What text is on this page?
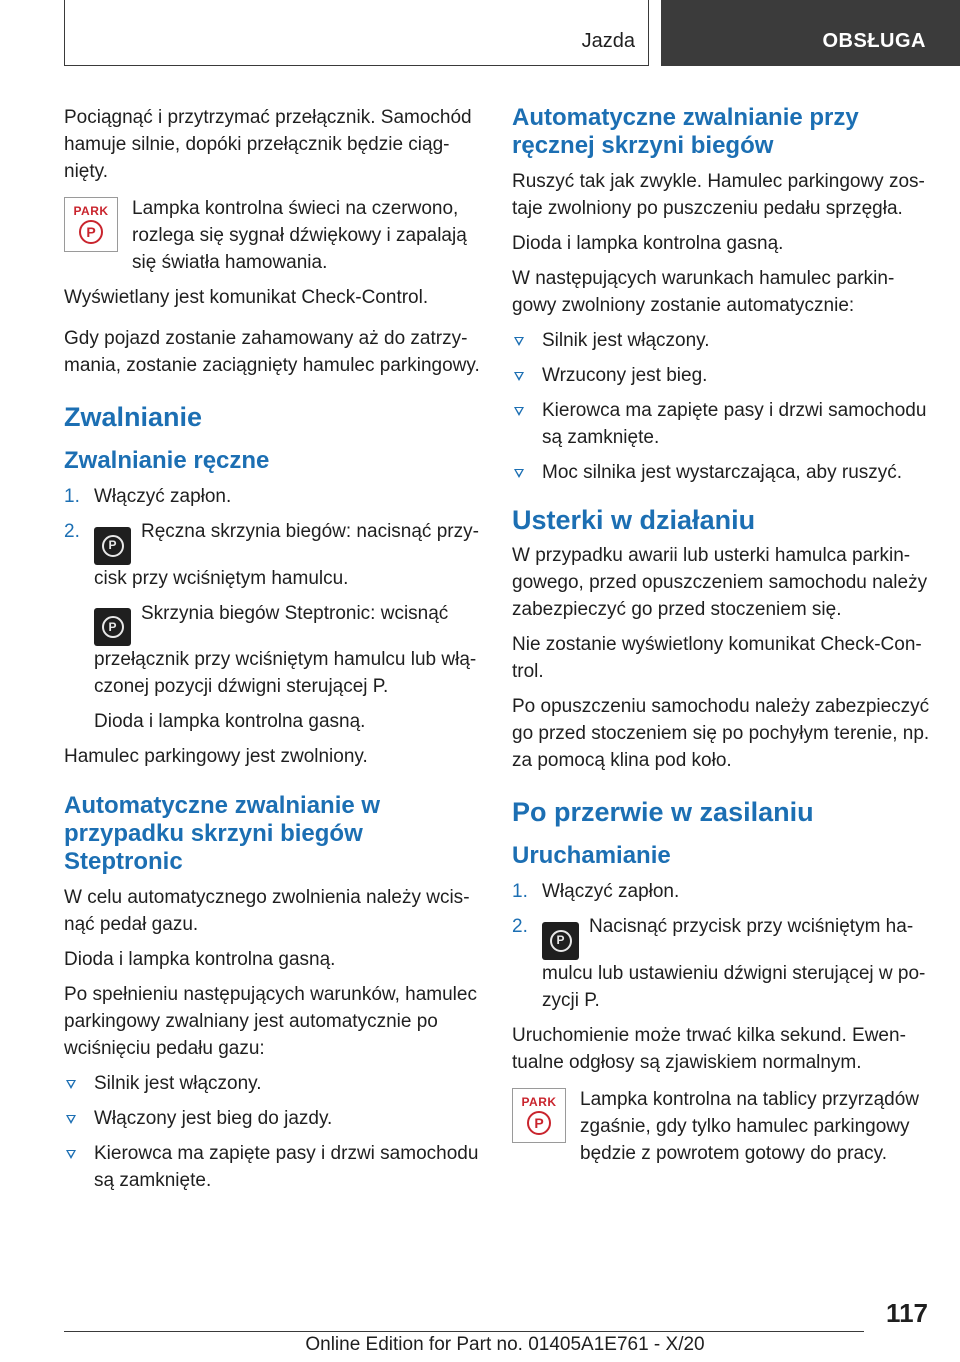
Jazda	OBSŁUGA

Pociągnąć i przytrzymać przełącznik. Samochód hamuje silnie, dopóki przełącznik będzie ciągnięty.

PARK
P
Lampka kontrolna świeci na czerwono, rozlega się sygnał dźwiękowy i zapalają się światła hamowania.

Wyświetlany jest komunikat Check-Control.

Gdy pojazd zostanie zahamowany aż do zatrzymania, zostanie zaciągnięty hamulec parkingowy.

Zwalnianie
Zwalnianie ręczne
1. Włączyć zapłon.
2.
P
Ręczna skrzynia biegów: nacisnąć przycisk przy wciśniętym hamulcu.
P
Skrzynia biegów Steptronic: wcisnąć przełącznik przy wciśniętym hamulcu lub włączonej pozycji dźwigni sterującej P.
Dioda i lampka kontrolna gasną.

Hamulec parkingowy jest zwolniony.

Automatyczne zwalnianie w przypadku skrzyni biegów Steptronic

W celu automatycznego zwolnienia należy wcisnąć pedał gazu.

Dioda i lampka kontrolna gasną.

Po spełnieniu następujących warunków, hamulec parkingowy zwalniany jest automatycznie po wciśnięciu pedału gazu:

Silnik jest włączony.
Włączony jest bieg do jazdy.
Kierowca ma zapięte pasy i drzwi samochodu są zamknięte.
Automatyczne zwalnianie przy ręcznej skrzyni biegów

Ruszyć tak jak zwykle. Hamulec parkingowy zostaje zwolniony po puszczeniu pedału sprzęgła.

Dioda i lampka kontrolna gasną.

W następujących warunkach hamulec parkingowy zwolniony zostanie automatycznie:

Silnik jest włączony.
Wrzucony jest bieg.
Kierowca ma zapięte pasy i drzwi samochodu są zamknięte.
Moc silnika jest wystarczająca, aby ruszyć.
Usterki w działaniu

W przypadku awarii lub usterki hamulca parkingowego, przed opuszczeniem samochodu należy zabezpieczyć go przed stoczeniem się.

Nie zostanie wyświetlony komunikat Check-Control.

Po opuszczeniu samochodu należy zabezpieczyć go przed stoczeniem się po pochyłym terenie, np. za pomocą klina pod koło.

Po przerwie w zasilaniu
Uruchamianie
1. Włączyć zapłon.
2.
P
Nacisnąć przycisk przy wciśniętym hamulcu lub ustawieniu dźwigni sterującej w pozycji P.

Uruchomienie może trwać kilka sekund. Ewentualne odgłosy są zjawiskiem normalnym.

PARK
P
Lampka kontrolna na tablicy przyrządów zgaśnie, gdy tylko hamulec parkingowy będzie z powrotem gotowy do pracy.
117
Online Edition for Part no. 01405A1E761 - X/20
